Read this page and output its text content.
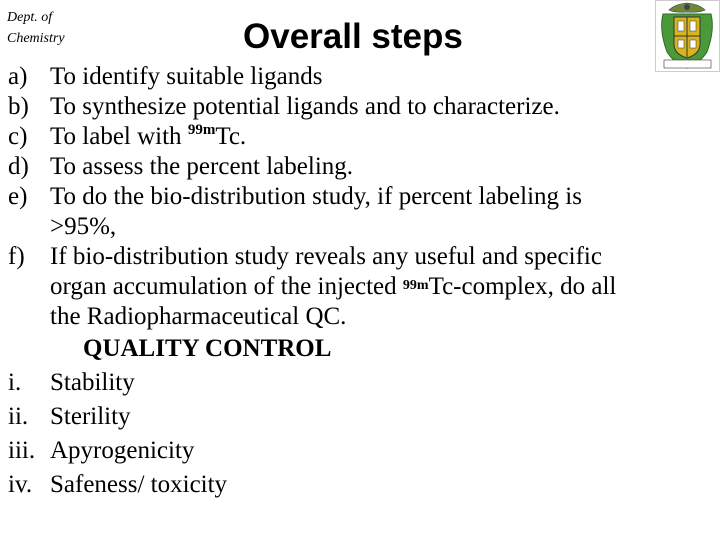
Dept. of
Chemistry	Overall steps
a) To identify suitable ligands
b) To synthesize potential ligands and to characterize.
c) To label with $^{99m}$Tc.
d) To assess the percent labeling.
e) To do the bio-distribution study, if percent labeling is
>95%,
f)	If bio-distribution study reveals any useful and specific
organ accumulation of the injected $^{99m}$Tc-complex, do all
the Radiopharmaceutical QC.
QUALITY CONTROL
i.	Stability
ii. Sterility
iii. Apyrogenicity
iv. Safeness/ toxicity
